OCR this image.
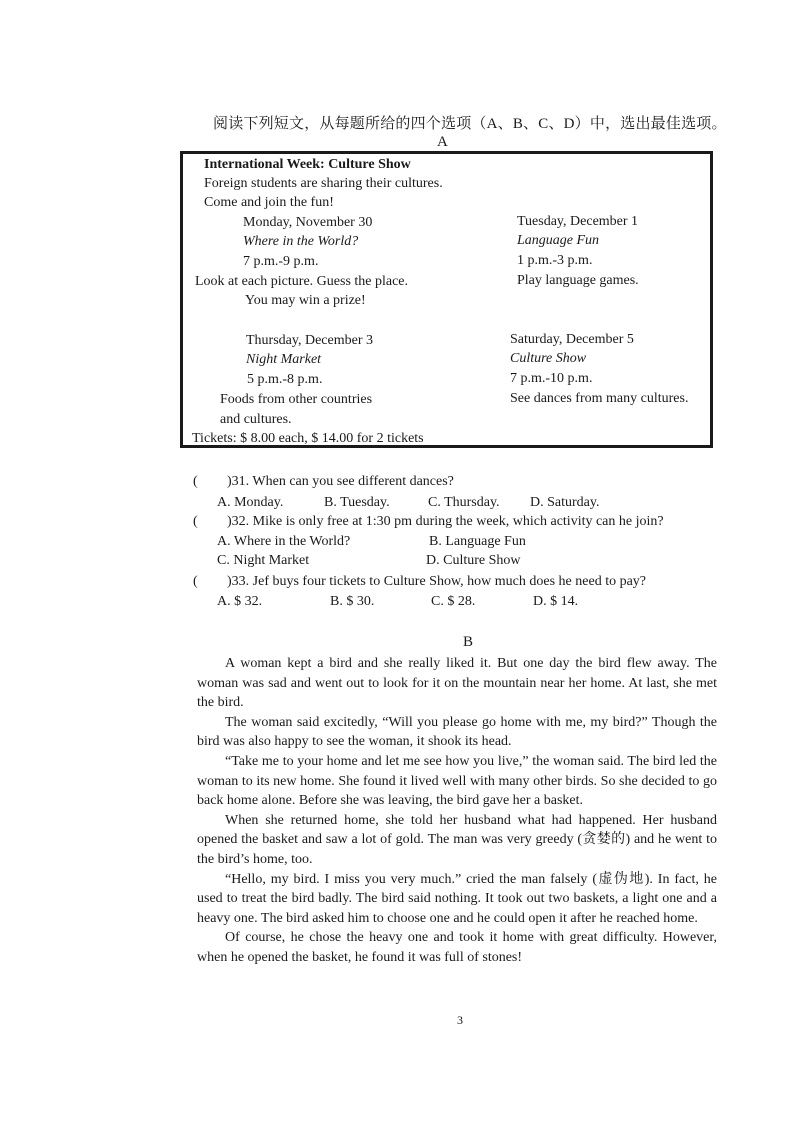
阅读下列短文，从每题所给的四个选项（A、B、C、D）中，选出最佳选项。
A
International Week: Culture Show
Foreign students are sharing their cultures.
Come and join the fun!
Monday, November 30
Where in the World?
7 p.m.-9 p.m.
Look at each picture. Guess the place.
You may win a prize!
Tuesday, December 1
Language Fun
1 p.m.-3 p.m.
Play language games.
Thursday, December 3
Night Market
5 p.m.-8 p.m.
Foods from other countries
and cultures.
Saturday, December 5
Culture Show
7 p.m.-10 p.m.
See dances from many cultures.
Tickets: $ 8.00 each, $ 14.00 for 2 tickets
( )31. When can you see different dances?
A. Monday.	B. Tuesday.	C. Thursday. D. Saturday.
( )32. Mike is only free at 1:30 pm during the week, which activity can he join?
A. Where in the World?	B. Language Fun
C. Night Market	D. Culture Show
( )33. Jef buys four tickets to Culture Show, how much does he need to pay?
A. $ 32.	B. $ 30.	C. $ 28.	D. $ 14.
B

A woman kept a bird and she really liked it. But one day the bird flew away. The woman was sad and went out to look for it on the mountain near her home. At last, she met the bird.

The woman said excitedly, “Will you please go home with me, my bird?” Though the bird was also happy to see the woman, it shook its head.

“Take me to your home and let me see how you live,” the woman said. The bird led the woman to its new home. She found it lived well with many other birds. So she decided to go back home alone. Before she was leaving, the bird gave her a basket.

When she returned home, she told her husband what had happened. Her husband opened the basket and saw a lot of gold. The man was very greedy (贪婪的) and he went to the bird’s home, too.

“Hello, my bird. I miss you very much.” cried the man falsely (虚伪地). In fact, he used to treat the bird badly. The bird said nothing. It took out two baskets, a light one and a heavy one. The bird asked him to choose one and he could open it after he reached home.

Of course, he chose the heavy one and took it home with great difficulty. However, when he opened the basket, he found it was full of stones!

3
